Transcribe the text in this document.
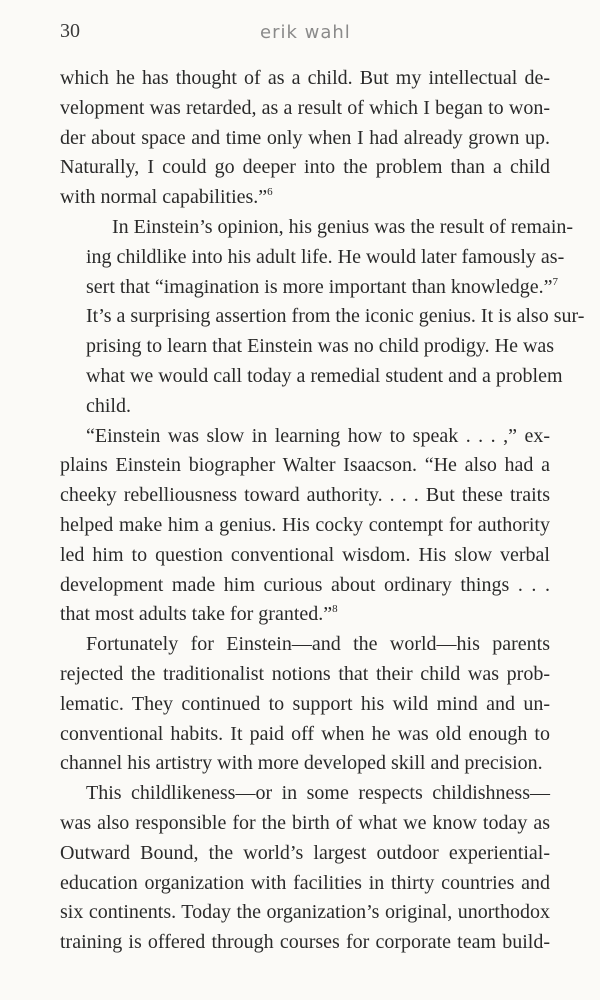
30	erik wahl

which he has thought of as a child. But my intellectual de-
velopment was retarded, as a result of which I began to won-
der about space and time only when I had already grown up.
Naturally, I could go deeper into the problem than a child
with normal capabilities.”$^6$

In Einstein’s opinion, his genius was the result of remain-
ing childlike into his adult life. He would later famously as-
sert that “imagination is more important than knowledge.”$^7$
It’s a surprising assertion from the iconic genius. It is also sur-
prising to learn that Einstein was no child prodigy. He was
what we would call today a remedial student and a problem
child.

“Einstein was slow in learning how to speak . . . ,” ex-
plains Einstein biographer Walter Isaacson. “He also had a
cheeky rebelliousness toward authority. . . . But these traits
helped make him a genius. His cocky contempt for authority
led him to question conventional wisdom. His slow verbal
development made him curious about ordinary things . . .
that most adults take for granted.”$^8$

Fortunately for Einstein—and the world—his parents
rejected the traditionalist notions that their child was prob-
lematic. They continued to support his wild mind and un-
conventional habits. It paid off when he was old enough to
channel his artistry with more developed skill and precision.

This childlikeness—or in some respects childishness—
was also responsible for the birth of what we know today as
Outward Bound, the world’s largest outdoor experiential-
education organization with facilities in thirty countries and
six continents. Today the organization’s original, unorthodox
training is offered through courses for corporate team build-
